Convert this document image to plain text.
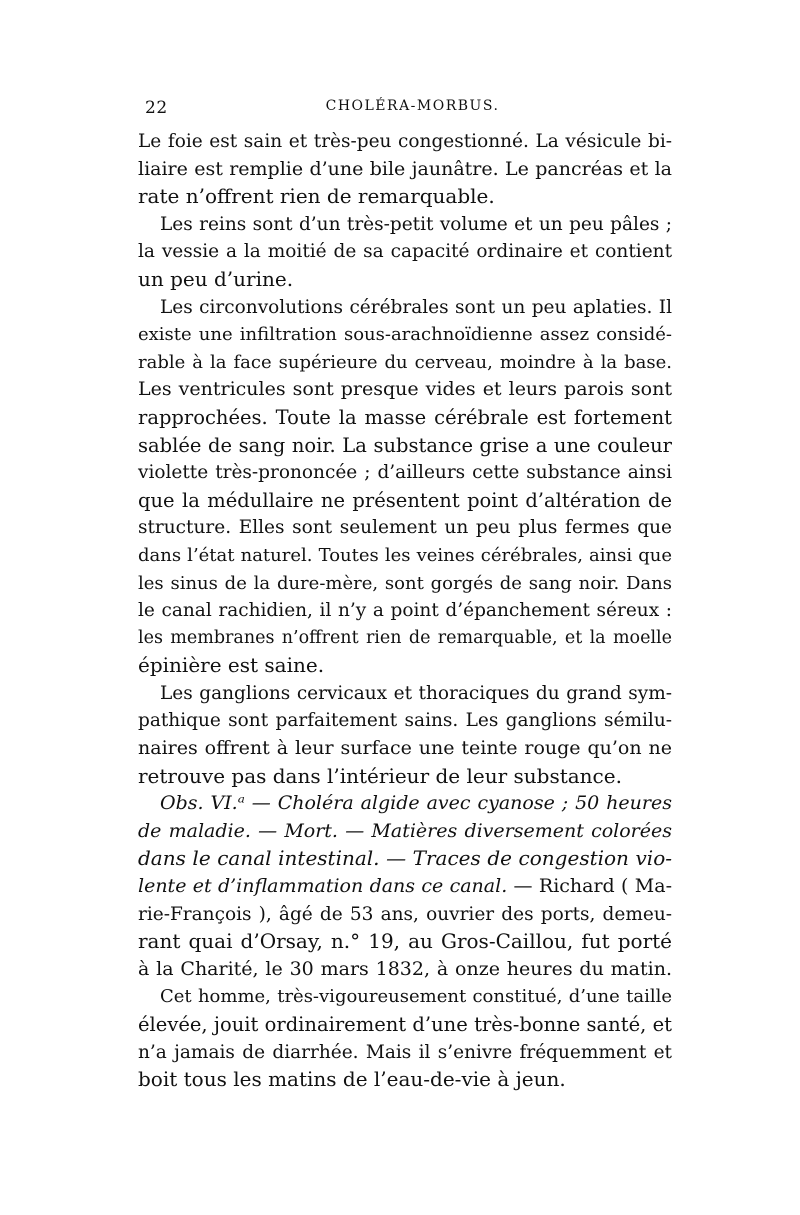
22	CHOLÉRA-MORBUS.
Le foie est sain et très-peu congestionné. La vésicule bi-
liaire est remplie d’une bile jaunâtre. Le pancréas et la
rate n’offrent rien de remarquable.
Les reins sont d’un très-petit volume et un peu pâles ;
la vessie a la moitié de sa capacité ordinaire et contient
un peu d’urine.
Les circonvolutions cérébrales sont un peu aplaties. Il
existe une infiltration sous-arachnoïdienne assez considé-
rable à la face supérieure du cerveau, moindre à la base.
Les ventricules sont presque vides et leurs parois sont
rapprochées. Toute la masse cérébrale est fortement
sablée de sang noir. La substance grise a une couleur
violette très-prononcée ; d’ailleurs cette substance ainsi
que la médullaire ne présentent point d’altération de
structure. Elles sont seulement un peu plus fermes que
dans l’état naturel. Toutes les veines cérébrales, ainsi que
les sinus de la dure-mère, sont gorgés de sang noir. Dans
le canal rachidien, il n’y a point d’épanchement séreux :
les membranes n’offrent rien de remarquable, et la moelle
épinière est saine.
Les ganglions cervicaux et thoraciques du grand sym-
pathique sont parfaitement sains. Les ganglions sémilu-
naires offrent à leur surface une teinte rouge qu’on ne
retrouve pas dans l’intérieur de leur substance.
Obs. VI.ᵃ — Choléra algide avec cyanose ; 50 heures
de maladie. — Mort. — Matières diversement colorées
dans le canal intestinal. — Traces de congestion vio-
lente et d’inflammation dans ce canal. — Richard ( Ma-
rie-François ), âgé de 53 ans, ouvrier des ports, demeu-
rant quai d’Orsay, n.° 19, au Gros-Caillou, fut porté
à la Charité, le 30 mars 1832, à onze heures du matin.
Cet homme, très-vigoureusement constitué, d’une taille
élevée, jouit ordinairement d’une très-bonne santé, et
n’a jamais de diarrhée. Mais il s’enivre fréquemment et
boit tous les matins de l’eau-de-vie à jeun.
